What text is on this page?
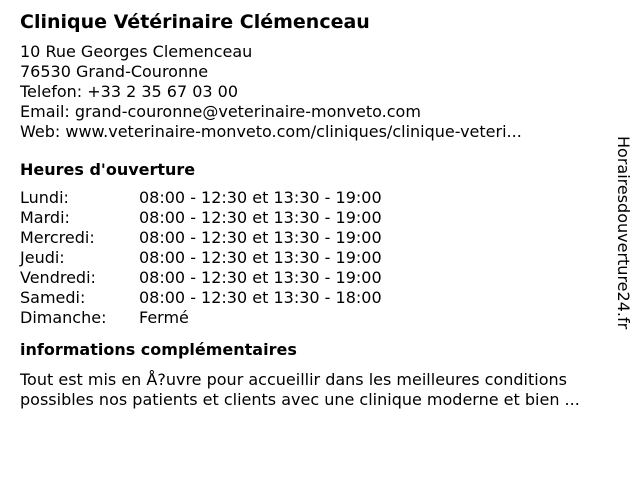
Clinique Vétérinaire Clémenceau
10 Rue Georges Clemenceau
76530 Grand-Couronne
Telefon: +33 2 35 67 03 00
Email: grand-couronne@veterinaire-monveto.com
Web: www.veterinaire-monveto.com/cliniques/clinique-veteri...
Heures d'ouverture
Lundi:	08:00 - 12:30 et 13:30 - 19:00
Mardi:	08:00 - 12:30 et 13:30 - 19:00
Mercredi:	08:00 - 12:30 et 13:30 - 19:00
Jeudi:	08:00 - 12:30 et 13:30 - 19:00
Vendredi:	08:00 - 12:30 et 13:30 - 19:00
Samedi:	08:00 - 12:30 et 13:30 - 18:00
Dimanche:	Fermé
informations complémentaires
Tout est mis en Å?uvre pour accueillir dans les meilleures conditions
possibles nos patients et clients avec une clinique moderne et bien ...
Horairesdouverture24.fr
